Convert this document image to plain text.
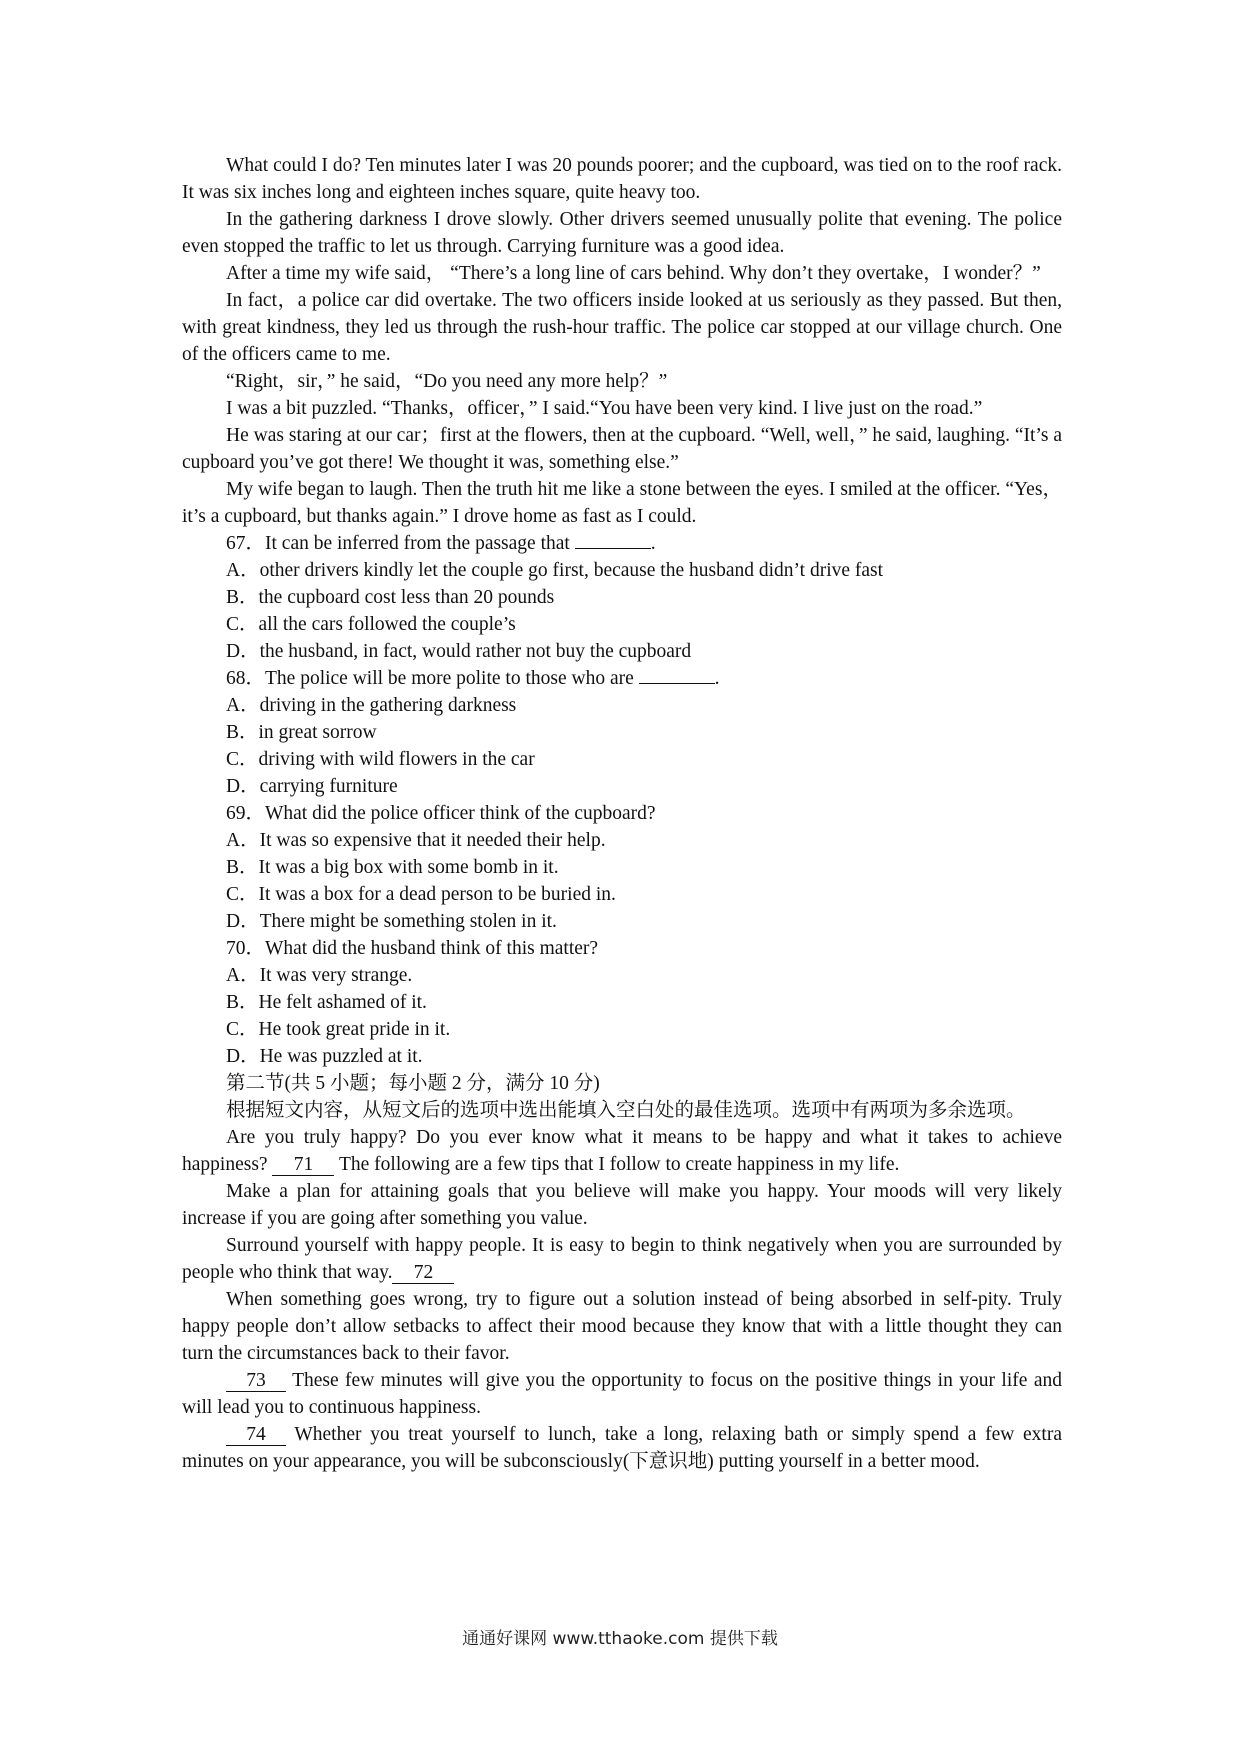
What could I do? Ten minutes later I was 20 pounds poorer; and the cupboard, was tied on to the roof rack. It was six inches long and eighteen inches square, quite heavy too.

In the gathering darkness I drove slowly. Other drivers seemed unusually polite that evening. The police even stopped the traffic to let us through. Carrying furniture was a good idea.

After a time my wife said， “There’s a long line of cars behind. Why don’t they overtake，I wonder？”

In fact，a police car did overtake. The two officers inside looked at us seriously as they passed. But then, with great kindness, they led us through the rush-hour traffic. The police car stopped at our village church. One of the officers came to me.

“Right，sir，” he said，“Do you need any more help？”

I was a bit puzzled. “Thanks，officer，” I said.“You have been very kind. I live just on the road.”

He was staring at our car；first at the flowers, then at the cupboard. “Well, well，” he said, laughing. “It’s a cupboard you’ve got there! We thought it was, something else.”

My wife began to laugh. Then the truth hit me like a stone between the eyes. I smiled at the officer. “Yes，it’s a cupboard, but thanks again.” I drove home as fast as I could.

67．It can be inferred from the passage that	.

A．other drivers kindly let the couple go first, because the husband didn’t drive fast

B．the cupboard cost less than 20 pounds

C．all the cars followed the couple’s

D．the husband, in fact, would rather not buy the cupboard

68．The police will be more polite to those who are	.

A．driving in the gathering darkness

B．in great sorrow

C．driving with wild flowers in the car

D．carrying furniture

69．What did the police officer think of the cupboard?

A．It was so expensive that it needed their help.

B．It was a big box with some bomb in it.

C．It was a box for a dead person to be buried in.

D．There might be something stolen in it.

70．What did the husband think of this matter?

A．It was very strange.

B．He felt ashamed of it.

C．He took great pride in it.

D．He was puzzled at it.

第二节(共 5 小题；每小题 2 分，满分 10 分)

根据短文内容，从短文后的选项中选出能填入空白处的最佳选项。选项中有两项为多余选项。

Are you truly happy? Do you ever know what it means to be happy and what it takes to achieve happiness? 71 The following are a few tips that I follow to create happiness in my life.

Make a plan for attaining goals that you believe will make you happy. Your moods will very likely increase if you are going after something you value.

Surround yourself with happy people. It is easy to begin to think negatively when you are surrounded by people who think that way. 72

When something goes wrong, try to figure out a solution instead of being absorbed in self-pity. Truly happy people don’t allow setbacks to affect their mood because they know that with a little thought they can turn the circumstances back to their favor.

73 These few minutes will give you the opportunity to focus on the positive things in your life and will lead you to continuous happiness.

74 Whether you treat yourself to lunch, take a long, relaxing bath or simply spend a few extra minutes on your appearance, you will be subconsciously(下意识地) putting yourself in a better mood.

通通好课网 www.tthaoke.com 提供下载
